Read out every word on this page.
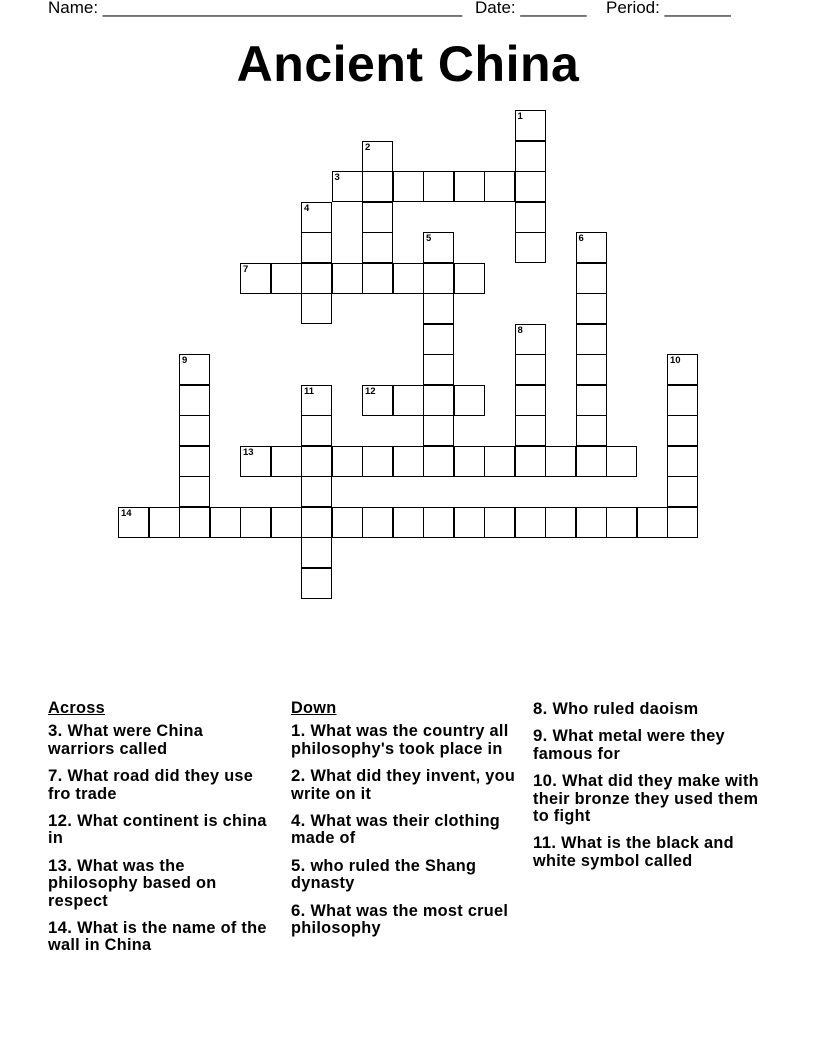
Name: ______________________________________

Date: _______

Period: _______

Ancient China
1
2
3
4
5	6
7
8
9	10
11	12
13
14
Across
3. What were China warriors called
7. What road did they use fro trade
12. What continent is china in
13. What was the philosophy based on respect
14. What is the name of the wall in China
Down
1. What was the country all philosophy's took place in
2. What did they invent, you write on it
4. What was their clothing made of
5. who ruled the Shang dynasty
6. What was the most cruel philosophy
8. Who ruled daoism
9. What metal were they famous for
10. What did they make with their bronze they used them to fight
11. What is the black and white symbol called
